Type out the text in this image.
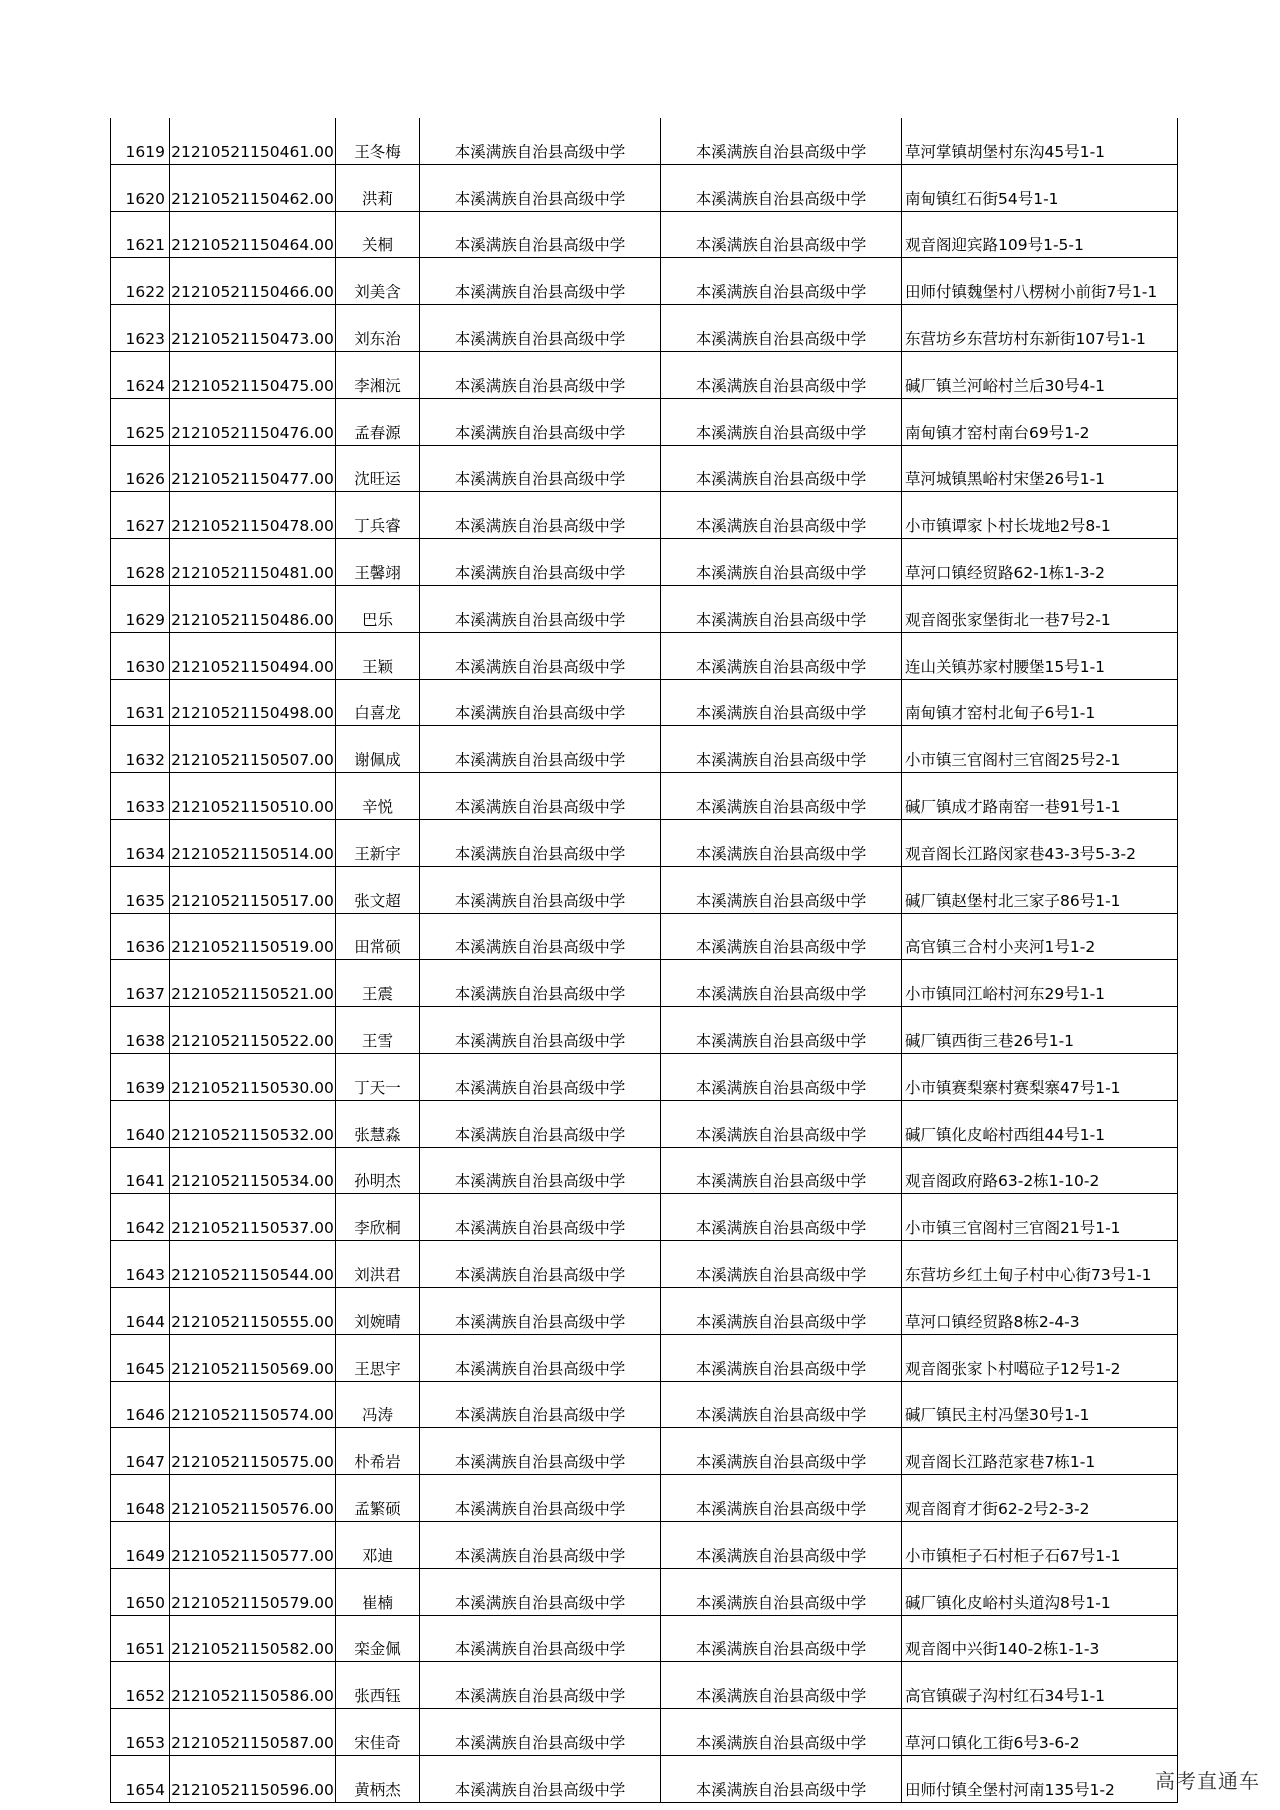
1619	21210521150461.00	王冬梅	本溪满族自治县高级中学	本溪满族自治县高级中学	草河掌镇胡堡村东沟45号1-1
1620	21210521150462.00	洪莉	本溪满族自治县高级中学	本溪满族自治县高级中学	南甸镇红石街54号1-1
1621	21210521150464.00	关桐	本溪满族自治县高级中学	本溪满族自治县高级中学	观音阁迎宾路109号1-5-1
1622	21210521150466.00	刘美含	本溪满族自治县高级中学	本溪满族自治县高级中学	田师付镇魏堡村八楞树小前街7号1-1
1623	21210521150473.00	刘东治	本溪满族自治县高级中学	本溪满族自治县高级中学	东营坊乡东营坊村东新街107号1-1
1624	21210521150475.00	李湘沅	本溪满族自治县高级中学	本溪满族自治县高级中学	碱厂镇兰河峪村兰后30号4-1
1625	21210521150476.00	孟春源	本溪满族自治县高级中学	本溪满族自治县高级中学	南甸镇才窑村南台69号1-2
1626	21210521150477.00	沈旺运	本溪满族自治县高级中学	本溪满族自治县高级中学	草河城镇黑峪村宋堡26号1-1
1627	21210521150478.00	丁兵睿	本溪满族自治县高级中学	本溪满族自治县高级中学	小市镇谭家卜村长垅地2号8-1
1628	21210521150481.00	王馨翊	本溪满族自治县高级中学	本溪满族自治县高级中学	草河口镇经贸路62-1栋1-3-2
1629	21210521150486.00	巴乐	本溪满族自治县高级中学	本溪满族自治县高级中学	观音阁张家堡街北一巷7号2-1
1630	21210521150494.00	王颖	本溪满族自治县高级中学	本溪满族自治县高级中学	连山关镇苏家村腰堡15号1-1
1631	21210521150498.00	白喜龙	本溪满族自治县高级中学	本溪满族自治县高级中学	南甸镇才窑村北甸子6号1-1
1632	21210521150507.00	谢佩成	本溪满族自治县高级中学	本溪满族自治县高级中学	小市镇三官阁村三官阁25号2-1
1633	21210521150510.00	辛悦	本溪满族自治县高级中学	本溪满族自治县高级中学	碱厂镇成才路南窑一巷91号1-1
1634	21210521150514.00	王新宇	本溪满族自治县高级中学	本溪满族自治县高级中学	观音阁长江路闵家巷43-3号5-3-2
1635	21210521150517.00	张文超	本溪满族自治县高级中学	本溪满族自治县高级中学	碱厂镇赵堡村北三家子86号1-1
1636	21210521150519.00	田常硕	本溪满族自治县高级中学	本溪满族自治县高级中学	高官镇三合村小夹河1号1-2
1637	21210521150521.00	王震	本溪满族自治县高级中学	本溪满族自治县高级中学	小市镇同江峪村河东29号1-1
1638	21210521150522.00	王雪	本溪满族自治县高级中学	本溪满族自治县高级中学	碱厂镇西街三巷26号1-1
1639	21210521150530.00	丁天一	本溪满族自治县高级中学	本溪满族自治县高级中学	小市镇赛梨寨村赛梨寨47号1-1
1640	21210521150532.00	张慧淼	本溪满族自治县高级中学	本溪满族自治县高级中学	碱厂镇化皮峪村西组44号1-1
1641	21210521150534.00	孙明杰	本溪满族自治县高级中学	本溪满族自治县高级中学	观音阁政府路63-2栋1-10-2
1642	21210521150537.00	李欣桐	本溪满族自治县高级中学	本溪满族自治县高级中学	小市镇三官阁村三官阁21号1-1
1643	21210521150544.00	刘洪君	本溪满族自治县高级中学	本溪满族自治县高级中学	东营坊乡红土甸子村中心街73号1-1
1644	21210521150555.00	刘婉晴	本溪满族自治县高级中学	本溪满族自治县高级中学	草河口镇经贸路8栋2-4-3
1645	21210521150569.00	王思宇	本溪满族自治县高级中学	本溪满族自治县高级中学	观音阁张家卜村噶砬子12号1-2
1646	21210521150574.00	冯涛	本溪满族自治县高级中学	本溪满族自治县高级中学	碱厂镇民主村冯堡30号1-1
1647	21210521150575.00	朴希岩	本溪满族自治县高级中学	本溪满族自治县高级中学	观音阁长江路范家巷7栋1-1
1648	21210521150576.00	孟繁硕	本溪满族自治县高级中学	本溪满族自治县高级中学	观音阁育才街62-2号2-3-2
1649	21210521150577.00	邓迪	本溪满族自治县高级中学	本溪满族自治县高级中学	小市镇柜子石村柜子石67号1-1
1650	21210521150579.00	崔楠	本溪满族自治县高级中学	本溪满族自治县高级中学	碱厂镇化皮峪村头道沟8号1-1
1651	21210521150582.00	栾金佩	本溪满族自治县高级中学	本溪满族自治县高级中学	观音阁中兴街140-2栋1-1-3
1652	21210521150586.00	张西钰	本溪满族自治县高级中学	本溪满族自治县高级中学	高官镇碳子沟村红石34号1-1
1653	21210521150587.00	宋佳奇	本溪满族自治县高级中学	本溪满族自治县高级中学	草河口镇化工街6号3-6-2
1654	21210521150596.00	黄柄杰	本溪满族自治县高级中学	本溪满族自治县高级中学	田师付镇全堡村河南135号1-2 高考直通车
